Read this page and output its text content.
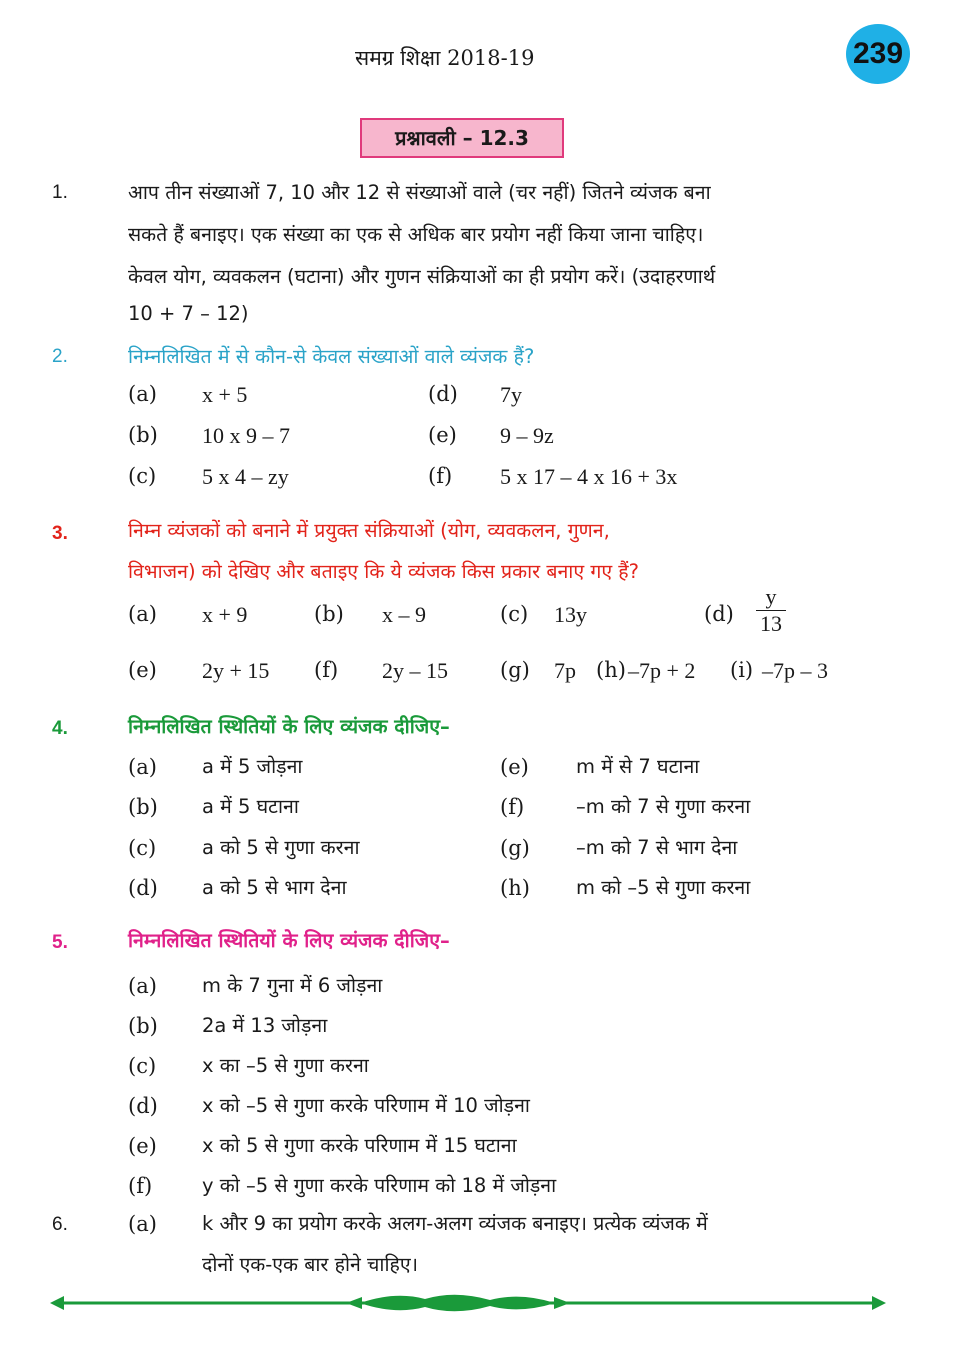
समग्र शिक्षा 2018-19	239
प्रश्नावली – 12.3
1.	आप तीन संख्याओं 7, 10 और 12 से संख्याओं वाले (चर नहीं) जितने व्यंजक बना
सकते हैं बनाइए। एक संख्या का एक से अधिक बार प्रयोग नहीं किया जाना चाहिए।
केवल योग, व्यवकलन (घटाना) और गुणन संक्रियाओं का ही प्रयोग करें। (उदाहरणार्थ
10 + 7 – 12)
2.	निम्नलिखित में से कौन-से केवल संख्याओं वाले व्यंजक हैं?
(a) x + 5	(d) 7y
(b) 10 x 9 – 7	(e) 9 – 9z
(c) 5 x 4 – zy	(f) 5 x 17 – 4 x 16 + 3x
3.	निम्न व्यंजकों को बनाने में प्रयुक्त संक्रियाओं (योग, व्यवकलन, गुणन,
विभाजन) को देखिए और बताइए कि ये व्यंजक किस प्रकार बनाए गए हैं?
(a) x + 9	(b) x – 9	(c) 13y	$(d) \frac{y}{13}$
(e) 2y + 15 (f) 2y – 15 (g) 7p (h) –7p + 2 (i) –7p – 3
4.	निम्नलिखित स्थितियों के लिए व्यंजक दीजिए–
(a) a में 5 जोड़ना	(e) m में से 7 घटाना
(b) a में 5 घटाना	(f)	–m को 7 से गुणा करना
(c) a को 5 से गुणा करना	(g) –m को 7 से भाग देना
(d) a को 5 से भाग देना	(h) m को –5 से गुणा करना
5.	निम्नलिखित स्थितियों के लिए व्यंजक दीजिए–
(a) m के 7 गुना में 6 जोड़ना
(b) 2a में 13 जोड़ना
(c) x का –5 से गुणा करना
(d) x को –5 से गुणा करके परिणाम में 10 जोड़ना
(e) x को 5 से गुणा करके परिणाम में 15 घटाना
(f)	y को –5 से गुणा करके परिणाम को 18 में जोड़ना
6.	(a) k और 9 का प्रयोग करके अलग-अलग व्यंजक बनाइए। प्रत्येक व्यंजक में
दोनों एक-एक बार होने चाहिए।
